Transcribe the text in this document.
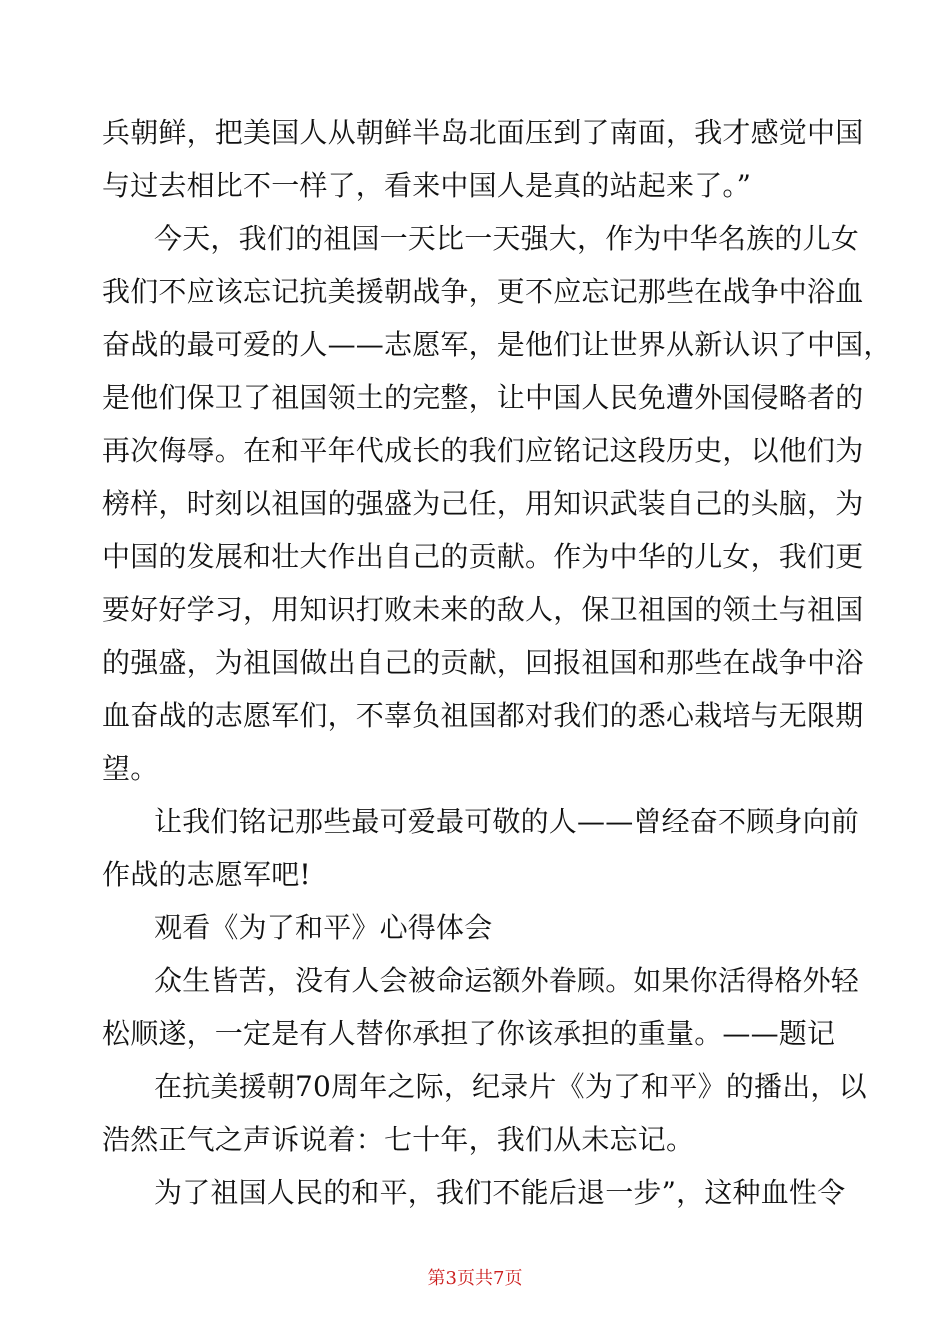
兵朝鲜，把美国人从朝鲜半岛北面压到了南面，我才感觉中国
与过去相比不一样了，看来中国人是真的站起来了。”
今天，我们的祖国一天比一天强大，作为中华名族的儿女
我们不应该忘记抗美援朝战争，更不应忘记那些在战争中浴血
奋战的最可爱的人——志愿军，是他们让世界从新认识了中国，
是他们保卫了祖国领土的完整，让中国人民免遭外国侵略者的
再次侮辱。在和平年代成长的我们应铭记这段历史，以他们为
榜样，时刻以祖国的强盛为己任，用知识武装自己的头脑，为
中国的发展和壮大作出自己的贡献。作为中华的儿女，我们更
要好好学习，用知识打败未来的敌人，保卫祖国的领土与祖国
的强盛，为祖国做出自己的贡献，回报祖国和那些在战争中浴
血奋战的志愿军们，不辜负祖国都对我们的悉心栽培与无限期
望。
让我们铭记那些最可爱最可敬的人——曾经奋不顾身向前
作战的志愿军吧!
观看《为了和平》心得体会
众生皆苦，没有人会被命运额外眷顾。如果你活得格外轻
松顺遂，一定是有人替你承担了你该承担的重量。——题记
在抗美援朝70周年之际，纪录片《为了和平》的播出，以
浩然正气之声诉说着：七十年，我们从未忘记。
为了祖国人民的和平，我们不能后退一步”，这种血性令
第3页共7页
